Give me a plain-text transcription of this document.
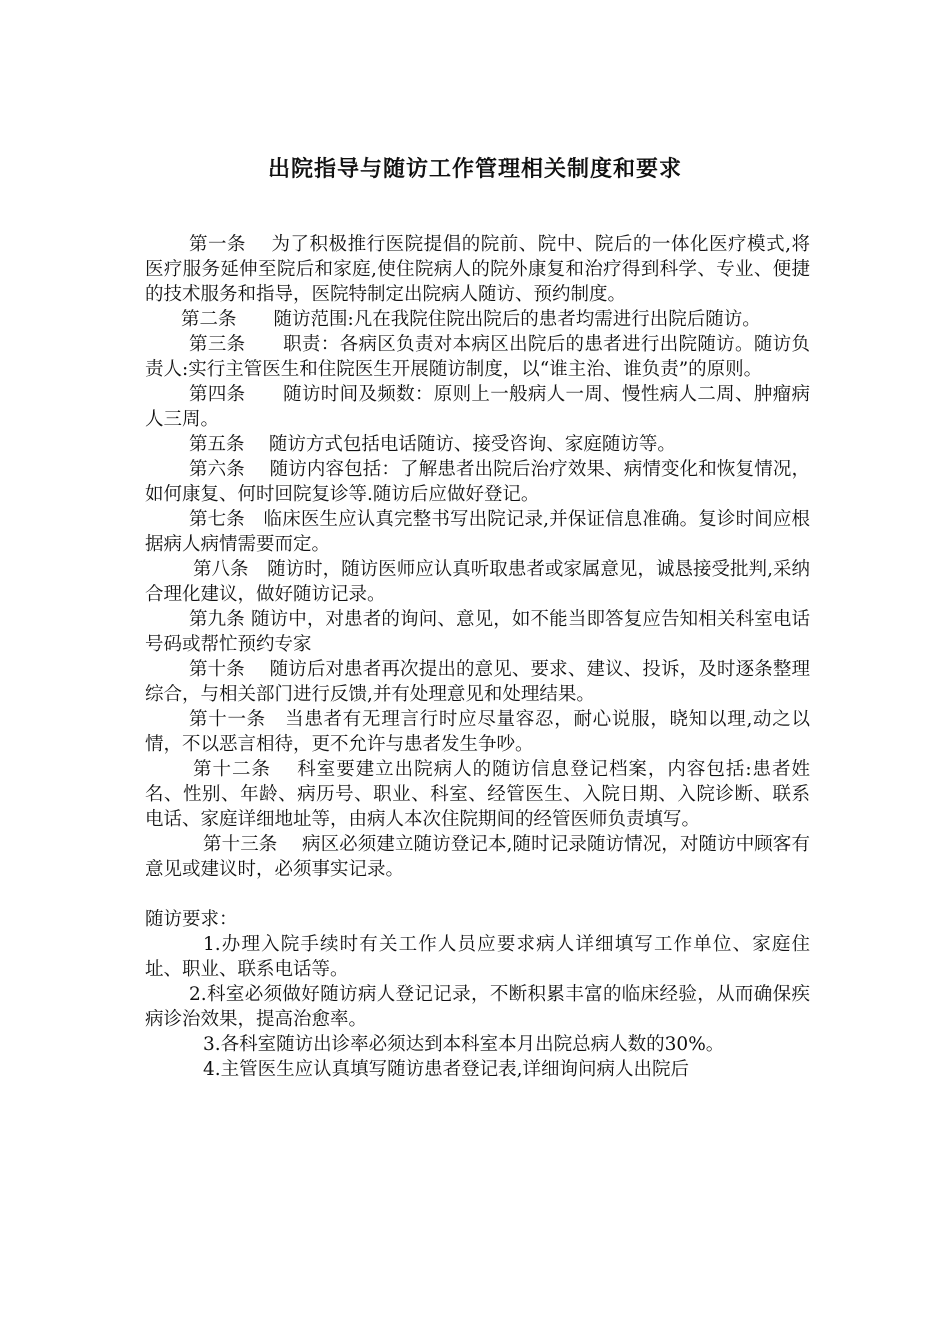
出院指导与随访工作管理相关制度和要求

第一条　 为了积极推行医院提倡的院前、院中、院后的一体化医疗模式,将医疗服务延伸至院后和家庭,使住院病人的院外康复和治疗得到科学、专业、便捷的技术服务和指导，医院特制定出院病人随访、预约制度。

第二条　　随访范围:凡在我院住院出院后的患者均需进行出院后随访。

第三条　　职责：各病区负责对本病区出院后的患者进行出院随访。随访负责人:实行主管医生和住院医生开展随访制度，以“谁主治、谁负责”的原则。

第四条　　随访时间及频数：原则上一般病人一周、慢性病人二周、肿瘤病人三周。

第五条　 随访方式包括电话随访、接受咨询、家庭随访等。

第六条　 随访内容包括：了解患者出院后治疗效果、病情变化和恢复情况，如何康复、何时回院复诊等.随访后应做好登记。

第七条　临床医生应认真完整书写出院记录,并保证信息准确。复诊时间应根据病人病情需要而定。

第八条　随访时，随访医师应认真听取患者或家属意见，诚恳接受批判,采纳合理化建议，做好随访记录。

第九条 随访中，对患者的询问、意见，如不能当即答复应告知相关科室电话号码或帮忙预约专家

第十条　 随访后对患者再次提出的意见、要求、建议、投诉，及时逐条整理综合，与相关部门进行反馈,并有处理意见和处理结果。

第十一条　当患者有无理言行时应尽量容忍，耐心说服，晓知以理,动之以情，不以恶言相待，更不允许与患者发生争吵。

第十二条　 科室要建立出院病人的随访信息登记档案，内容包括:患者姓名、性别、年龄、病历号、职业、科室、经管医生、入院日期、入院诊断、联系电话、家庭详细地址等，由病人本次住院期间的经管医师负责填写。

第十三条　 病区必须建立随访登记本,随时记录随访情况，对随访中顾客有意见或建议时，必须事实记录。

随访要求：

1.办理入院手续时有关工作人员应要求病人详细填写工作单位、家庭住址、职业、联系电话等。

2.科室必须做好随访病人登记记录，不断积累丰富的临床经验，从而确保疾病诊治效果，提高治愈率。

3.各科室随访出诊率必须达到本科室本月出院总病人数的30%。

4.主管医生应认真填写随访患者登记表,详细询问病人出院后
